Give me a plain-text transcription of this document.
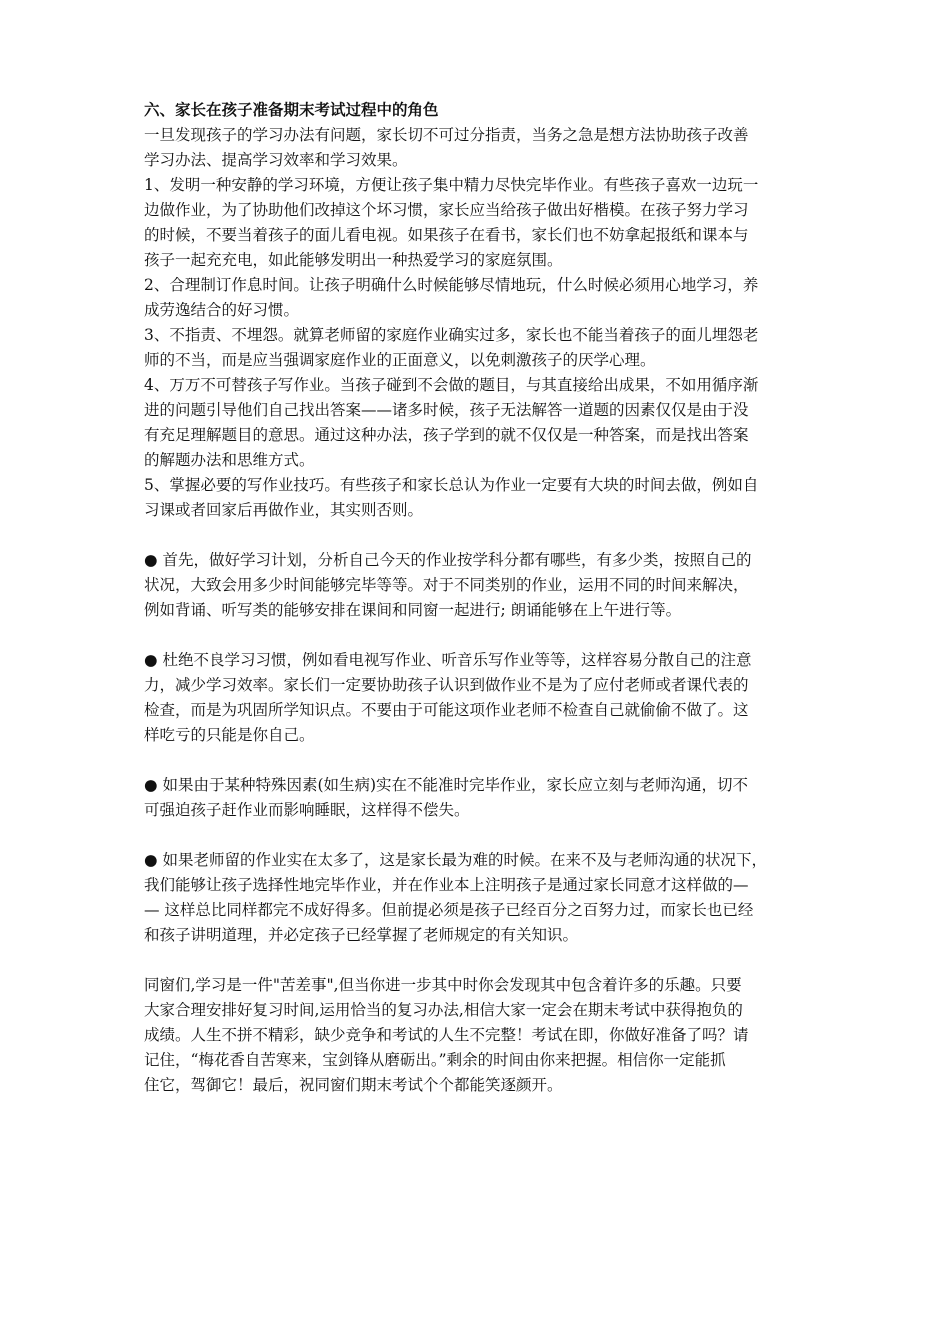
六、家长在孩子准备期末考试过程中的角色
一旦发现孩子的学习办法有问题，家长切不可过分指责，当务之急是想方法协助孩子改善
学习办法、提高学习效率和学习效果。
1、发明一种安静的学习环境，方便让孩子集中精力尽快完毕作业。有些孩子喜欢一边玩一
边做作业，为了协助他们改掉这个坏习惯，家长应当给孩子做出好楷模。在孩子努力学习
的时候，不要当着孩子的面儿看电视。如果孩子在看书，家长们也不妨拿起报纸和课本与
孩子一起充充电，如此能够发明出一种热爱学习的家庭氛围。
2、合理制订作息时间。让孩子明确什么时候能够尽情地玩，什么时候必须用心地学习，养
成劳逸结合的好习惯。
3、不指责、不埋怨。就算老师留的家庭作业确实过多，家长也不能当着孩子的面儿埋怨老
师的不当，而是应当强调家庭作业的正面意义，以免刺激孩子的厌学心理。
4、万万不可替孩子写作业。当孩子碰到不会做的题目，与其直接给出成果，不如用循序渐
进的问题引导他们自己找出答案——诸多时候，孩子无法解答一道题的因素仅仅是由于没
有充足理解题目的意思。通过这种办法，孩子学到的就不仅仅是一种答案，而是找出答案
的解题办法和思维方式。
5、掌握必要的写作业技巧。有些孩子和家长总认为作业一定要有大块的时间去做，例如自
习课或者回家后再做作业，其实则否则。
● 首先，做好学习计划，分析自己今天的作业按学科分都有哪些，有多少类，按照自己的
状况，大致会用多少时间能够完毕等等。对于不同类别的作业，运用不同的时间来解决，
例如背诵、听写类的能够安排在课间和同窗一起进行; 朗诵能够在上午进行等。
● 杜绝不良学习习惯，例如看电视写作业、听音乐写作业等等，这样容易分散自己的注意
力，减少学习效率。家长们一定要协助孩子认识到做作业不是为了应付老师或者课代表的
检查，而是为巩固所学知识点。不要由于可能这项作业老师不检查自己就偷偷不做了。这
样吃亏的只能是你自己。
● 如果由于某种特殊因素(如生病)实在不能准时完毕作业，家长应立刻与老师沟通，切不
可强迫孩子赶作业而影响睡眠，这样得不偿失。
● 如果老师留的作业实在太多了，这是家长最为难的时候。在来不及与老师沟通的状况下，
我们能够让孩子选择性地完毕作业，并在作业本上注明孩子是通过家长同意才这样做的—
— 这样总比同样都完不成好得多。但前提必须是孩子已经百分之百努力过，而家长也已经
和孩子讲明道理，并必定孩子已经掌握了老师规定的有关知识。
同窗们,学习是一件"苦差事",但当你进一步其中时你会发现其中包含着许多的乐趣。只要
大家合理安排好复习时间,运用恰当的复习办法,相信大家一定会在期末考试中获得抱负的
成绩。人生不拼不精彩，缺少竞争和考试的人生不完整！考试在即，你做好准备了吗？请
记住，“梅花香自苦寒来，宝剑锋从磨砺出。”剩余的时间由你来把握。相信你一定能抓
住它，驾御它！最后，祝同窗们期末考试个个都能笑逐颜开。
